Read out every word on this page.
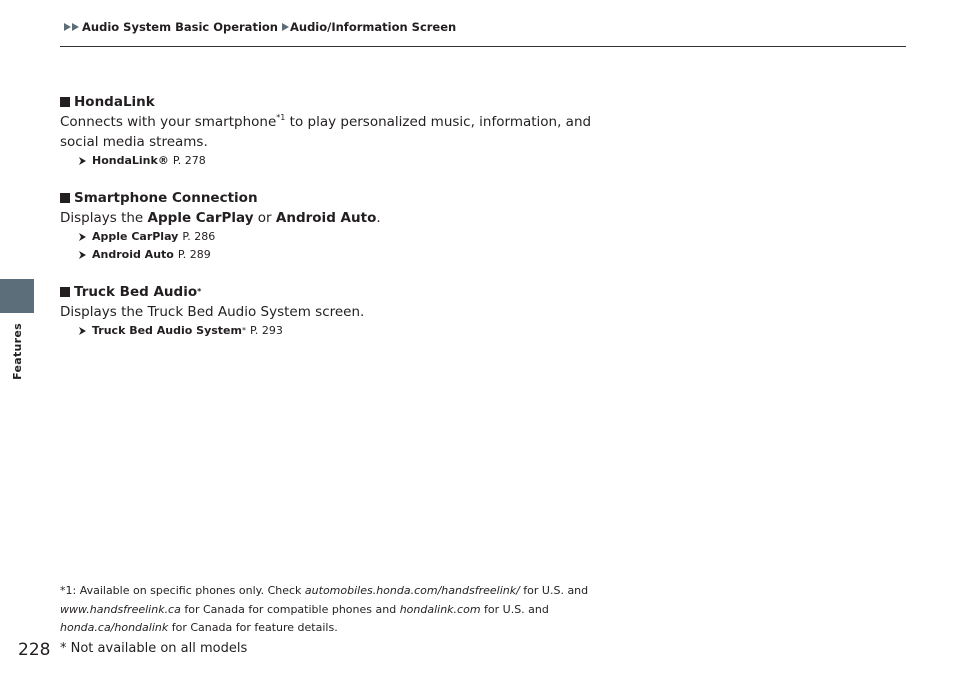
Audio System Basic Operation Audio/Information Screen
Features
228
HondaLink
Connects with your smartphone$^{*1}$ to play personalized music, information, and social media streams.
HondaLink® P. 278
Smartphone Connection
Displays the Apple CarPlay or Android Auto.
Apple CarPlay P. 286
Android Auto P. 289
Truck Bed Audio *
Displays the Truck Bed Audio System screen.
Truck Bed Audio System * P. 293
*1: Available on specific phones only. Check automobiles.honda.com/handsfreelink/ for U.S. and www.handsfreelink.ca for Canada for compatible phones and hondalink.com for U.S. and honda.ca/hondalink for Canada for feature details.
* Not available on all models
